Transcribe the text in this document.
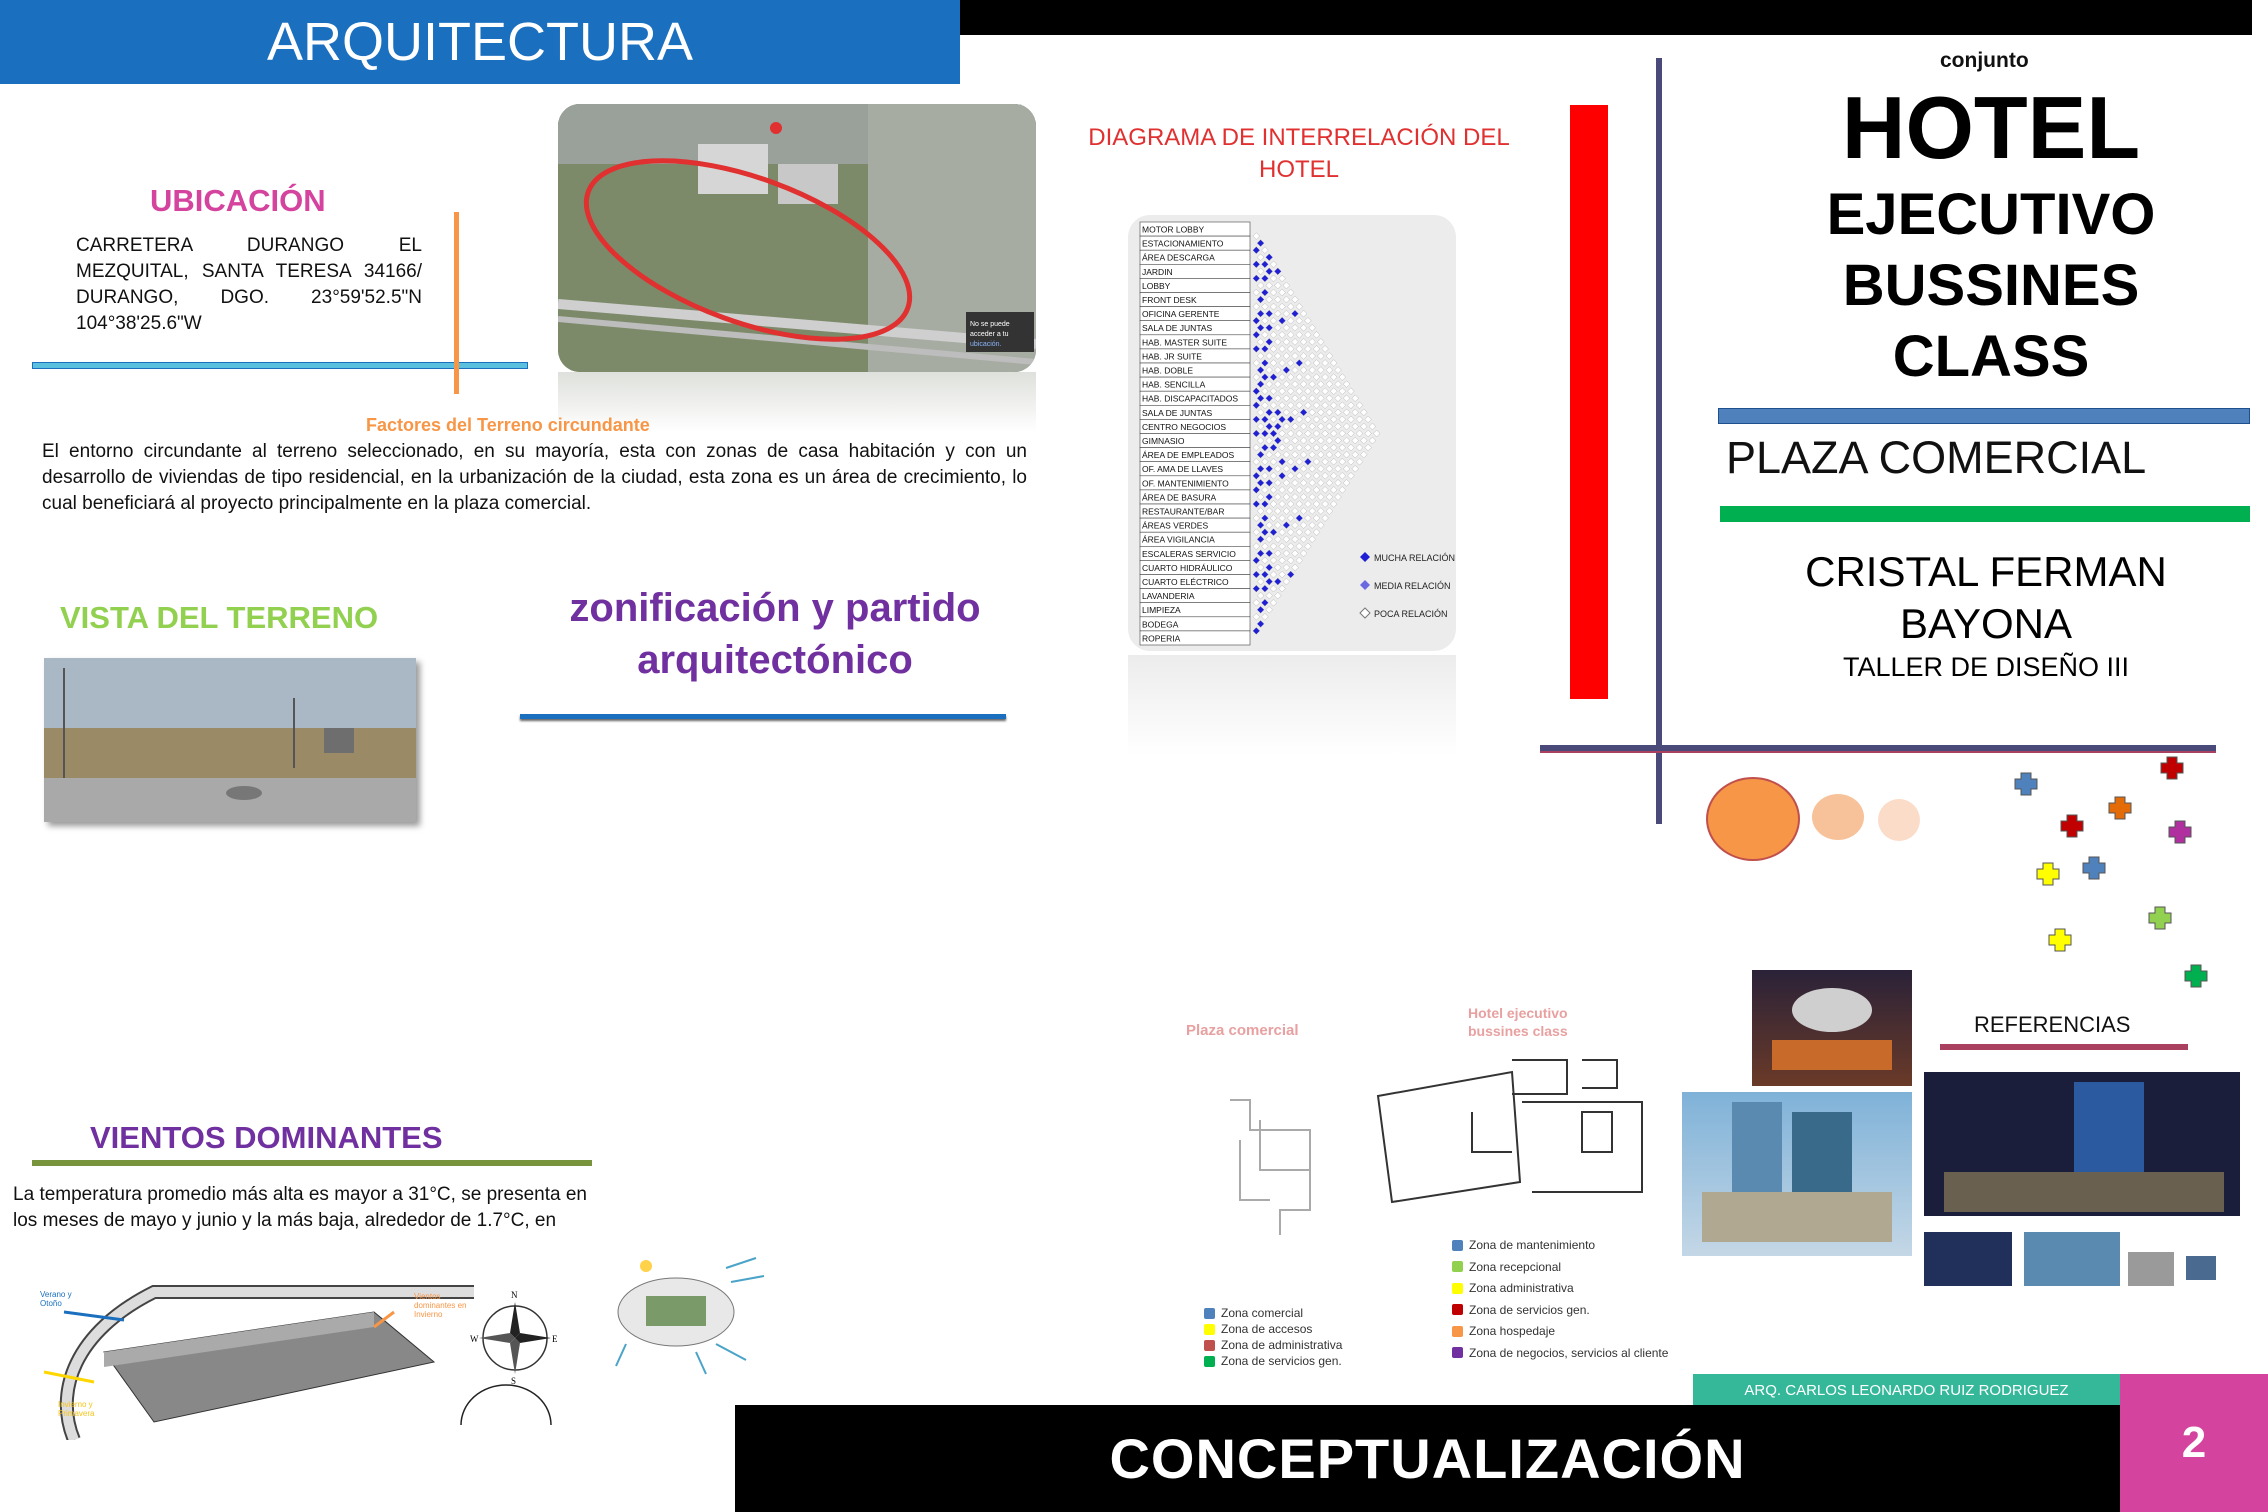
ARQUITECTURA
UBICACIÓN
CARRETERA DURANGO EL MEZQUITAL, SANTA TERESA 34166/ DURANGO, DGO. 23°59'52.5"N 104°38'25.6"W	No se puede
acceder a tu
ubicación.
Factores del Terreno circundante
El entorno circundante al terreno seleccionado, en su mayoría, esta con zonas de casa habitación y con un desarrollo de viviendas de tipo residencial, en la urbanización de la ciudad, esta zona es un área de crecimiento, lo cual beneficiará al proyecto principalmente en la plaza comercial.
VISTA DEL TERRENO	zonificación y partido arquitectónico
VIENTOS DOMINANTES
La temperatura promedio más alta es mayor a 31°C, se presenta en los meses de mayo y junio y la más baja, alrededor de 1.7°C, en
Verano y Otoño
Vientos dominantes en Invierno
Invierno y Primavera
N
E
S
W
DIAGRAMA DE INTERRELACIÓN DEL HOTEL
MOTOR LOBBY
ESTACIONAMIENTO
ÁREA DESCARGA
JARDIN
LOBBY
FRONT DESK
OFICINA GERENTE
SALA DE JUNTAS
HAB. MASTER SUITE
HAB. JR SUITE
HAB. DOBLE
HAB. SENCILLA
HAB. DISCAPACITADOS
SALA DE JUNTAS
CENTRO NEGOCIOS
GIMNASIO
ÁREA DE EMPLEADOS
OF. AMA DE LLAVES
OF. MANTENIMIENTO
ÁREA DE BASURA
RESTAURANTE/BAR
ÁREAS VERDES
ÁREA VIGILANCIA
ESCALERAS SERVICIO
CUARTO HIDRÁULICO
CUARTO ELÉCTRICO
LAVANDERIA
LIMPIEZA
BODEGA
ROPERIA
MUCHA RELACIÓN
MEDIA RELACIÓN
POCA RELACIÓN
conjunto
HOTEL
EJECUTIVO
BUSSINES
CLASS
PLAZA COMERCIAL
CRISTAL FERMAN
BAYONA
TALLER DE DISEÑO III
Plaza comercial
Hotel ejecutivo bussines class
Zona comercial
Zona de accesos
Zona de administrativa
Zona de servicios gen.
Zona de mantenimiento
Zona recepcional
Zona administrativa
Zona de servicios gen.
Zona hospedaje
Zona de negocios, servicios al cliente
REFERENCIAS
ARQ. CARLOS LEONARDO RUIZ RODRIGUEZ
CONCEPTUALIZACIÓN	2
